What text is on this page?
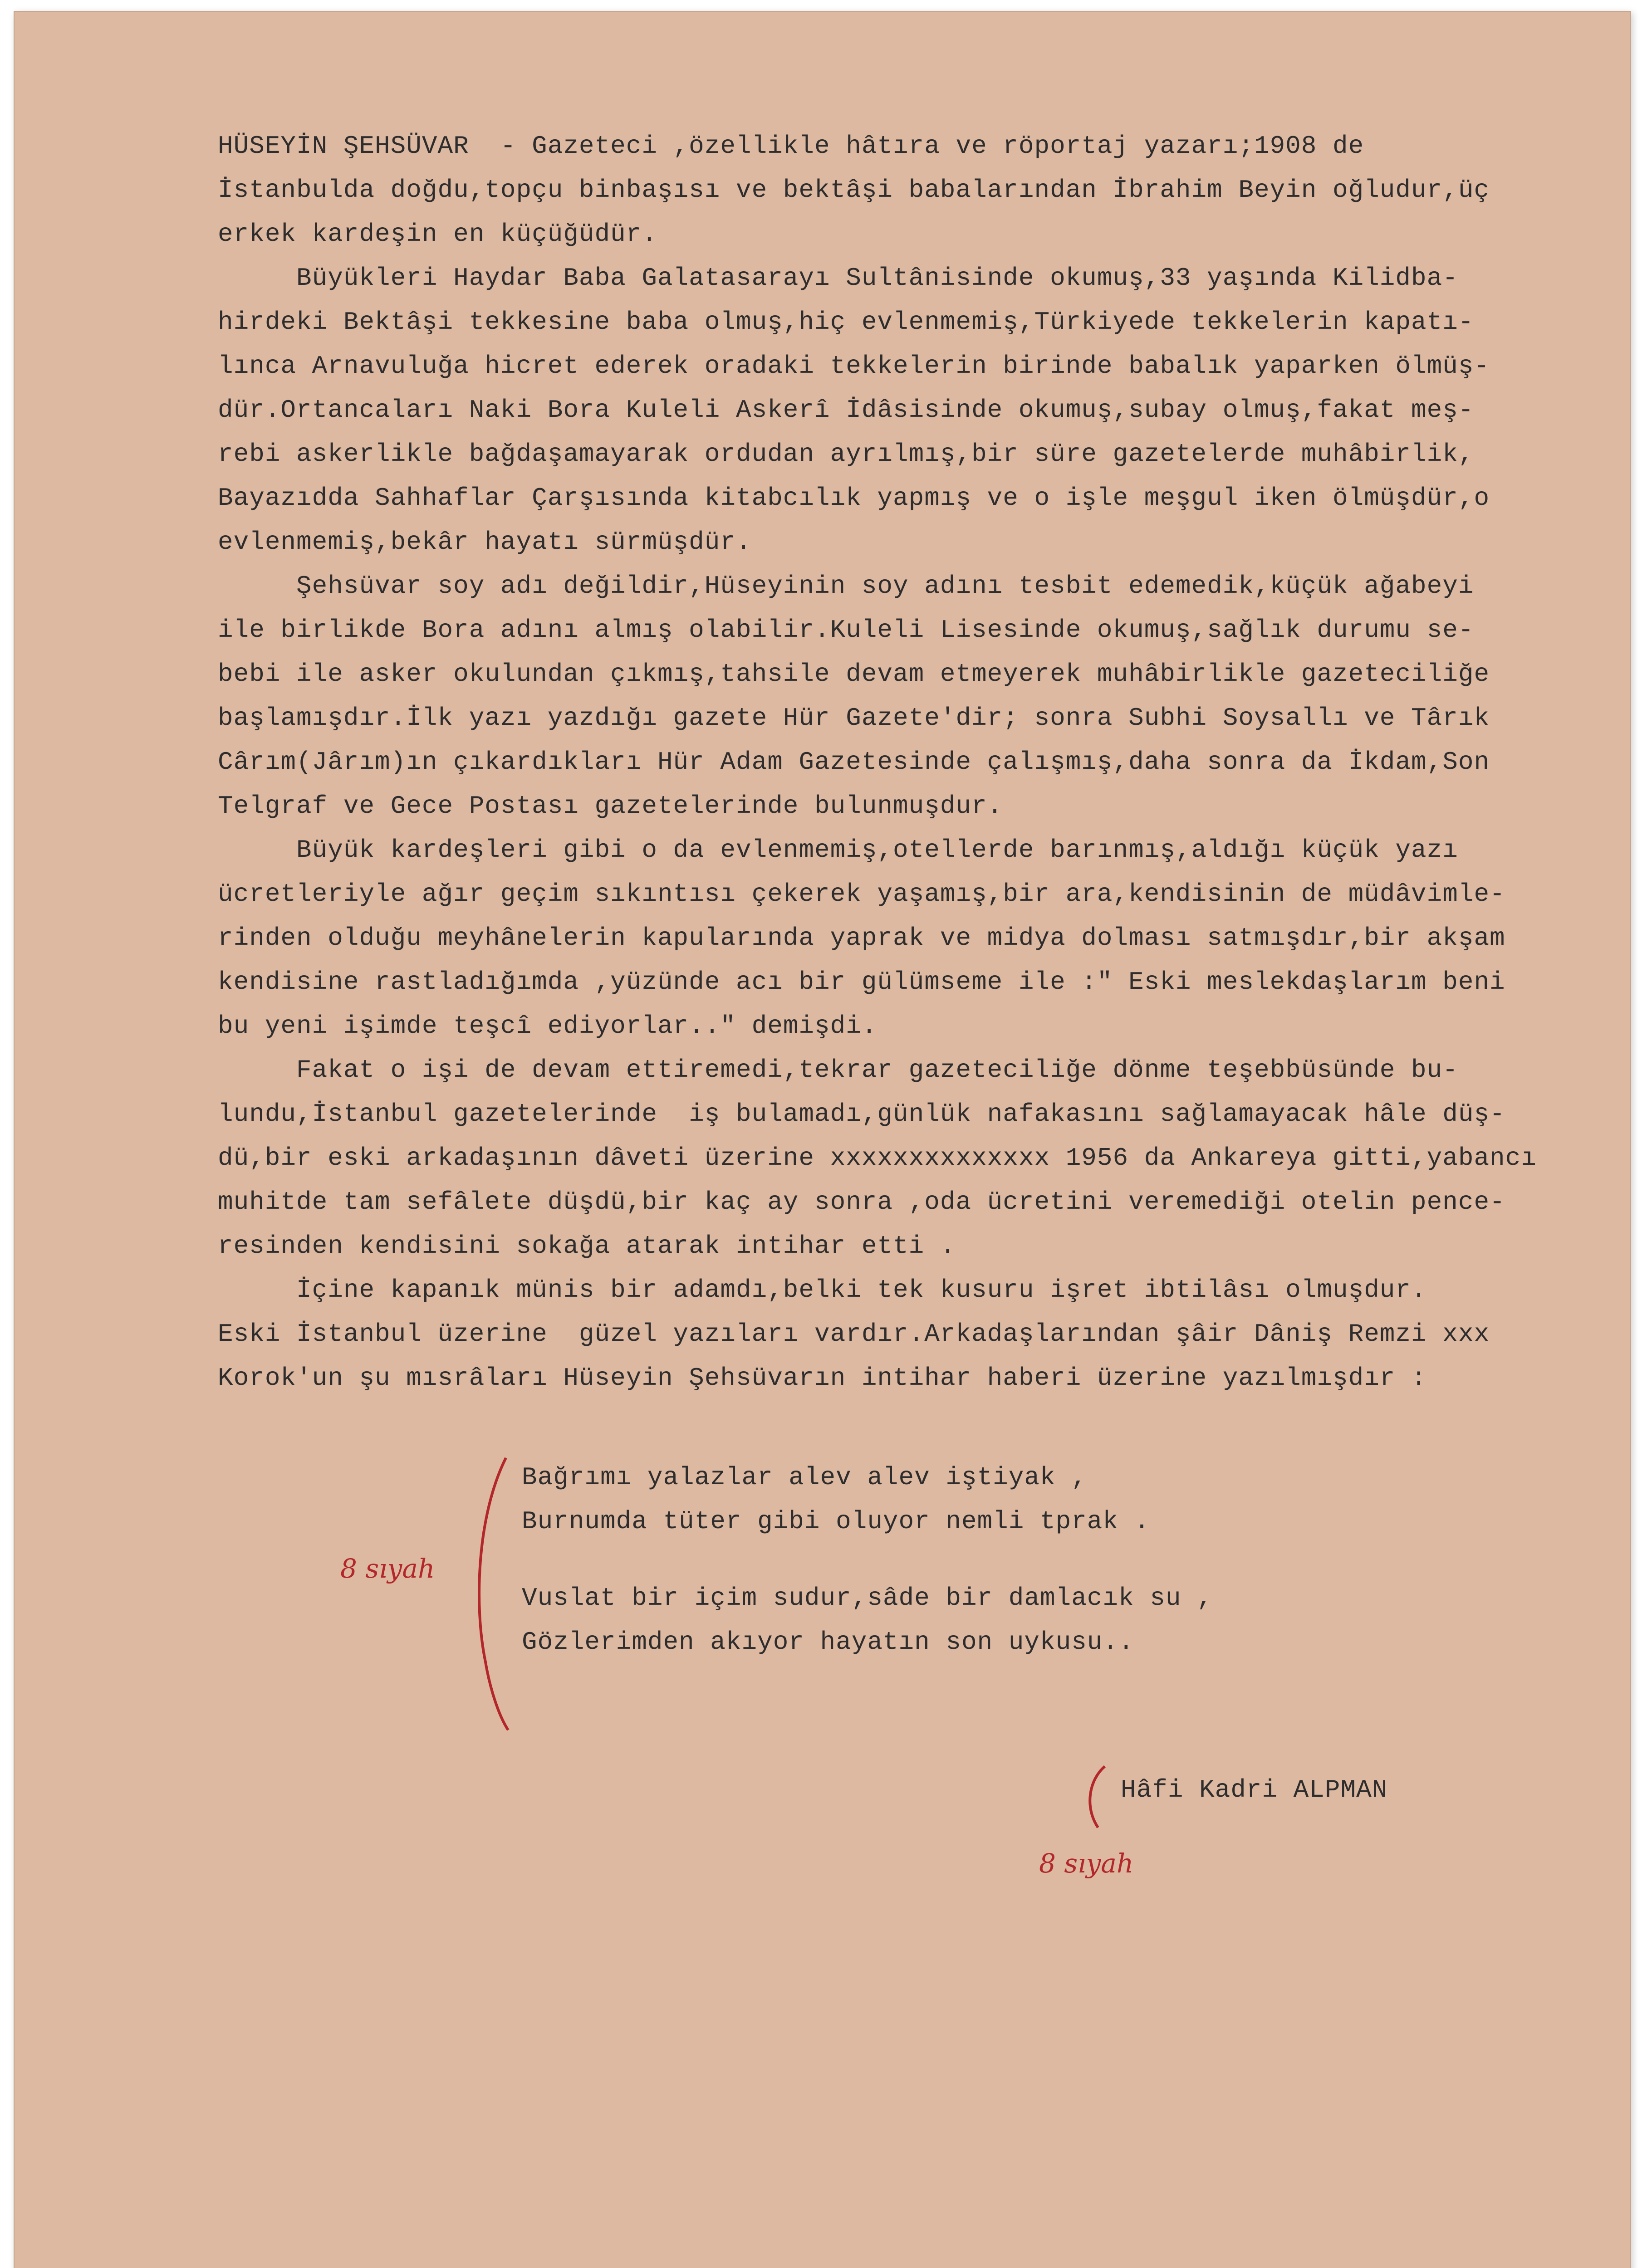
HÜSEYİN ŞEHSÜVAR  - Gazeteci ,özellikle hâtıra ve röportaj yazarı;1908 de
İstanbulda doğdu,topçu binbaşısı ve bektâşi babalarından İbrahim Beyin oğludur,üç
erkek kardeşin en küçüğüdür.
Büyükleri Haydar Baba Galatasarayı Sultânisinde okumuş,33 yaşında Kilidba-
hirdeki Bektâşi tekkesine baba olmuş,hiç evlenmemiş,Türkiyede tekkelerin kapatı-
lınca Arnavuluğa hicret ederek oradaki tekkelerin birinde babalık yaparken ölmüş-
dür.Ortancaları Naki Bora Kuleli Askerî İdâsisinde okumuş,subay olmuş,fakat meş-
rebi askerlikle bağdaşamayarak ordudan ayrılmış,bir süre gazetelerde muhâbirlik,
Bayazıdda Sahhaflar Çarşısında kitabcılık yapmış ve o işle meşgul iken ölmüşdür,o
evlenmemiş,bekâr hayatı sürmüşdür.
Şehsüvar soy adı değildir,Hüseyinin soy adını tesbit edemedik,küçük ağabeyi
ile birlikde Bora adını almış olabilir.Kuleli Lisesinde okumuş,sağlık durumu se-
bebi ile asker okulundan çıkmış,tahsile devam etmeyerek muhâbirlikle gazeteciliğe
başlamışdır.İlk yazı yazdığı gazete Hür Gazete'dir; sonra Subhi Soysallı ve Târık
Cârım(Jârım)ın çıkardıkları Hür Adam Gazetesinde çalışmış,daha sonra da İkdam,Son
Telgraf ve Gece Postası gazetelerinde bulunmuşdur.
Büyük kardeşleri gibi o da evlenmemiş,otellerde barınmış,aldığı küçük yazı
ücretleriyle ağır geçim sıkıntısı çekerek yaşamış,bir ara,kendisinin de müdâvimle-
rinden olduğu meyhânelerin kapularında yaprak ve midya dolması satmışdır,bir akşam
kendisine rastladığımda ,yüzünde acı bir gülümseme ile :" Eski meslekdaşlarım beni
bu yeni işimde teşcî ediyorlar.." demişdi.
Fakat o işi de devam ettiremedi,tekrar gazeteciliğe dönme teşebbüsünde bu-
lundu,İstanbul gazetelerinde  iş bulamadı,günlük nafakasını sağlamayacak hâle düş-
dü,bir eski arkadaşının dâveti üzerine xxxxxxxxxxxxxx 1956 da Ankareya gitti,yabancı
muhitde tam sefâlete düşdü,bir kaç ay sonra ,oda ücretini veremediği otelin pence-
resinden kendisini sokağa atarak intihar etti .
İçine kapanık münis bir adamdı,belki tek kusuru işret ibtilâsı olmuşdur.
Eski İstanbul üzerine  güzel yazıları vardır.Arkadaşlarından şâir Dâniş Remzi xxx
Korok'un şu mısrâları Hüseyin Şehsüvarın intihar haberi üzerine yazılmışdır :
Bağrımı yalazlar alev alev iştiyak ,
Burnumda tüter gibi oluyor nemli tprak .
Vuslat bir içim sudur,sâde bir damlacık su ,
Gözlerimden akıyor hayatın son uykusu..
Hâfi Kadri ALPMAN
8 sıyah
8 sıyah
